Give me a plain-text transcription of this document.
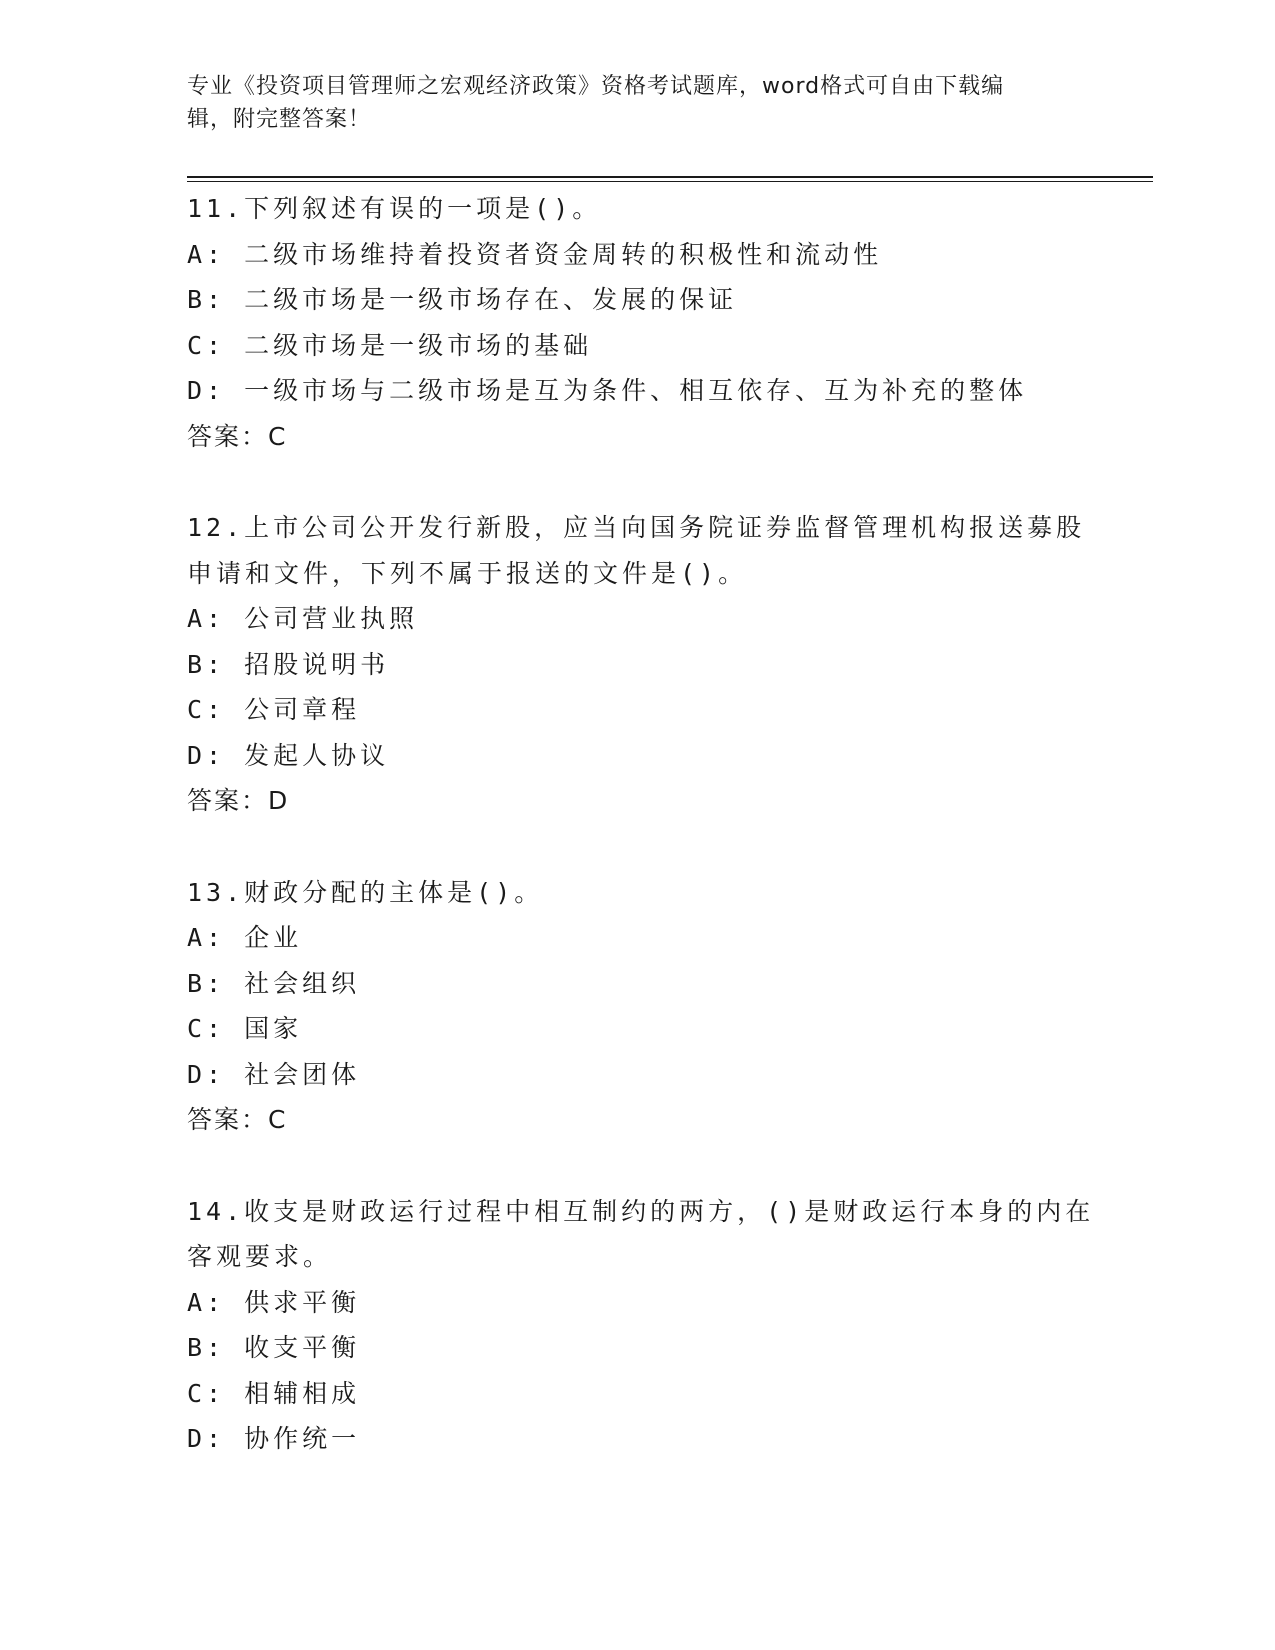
专业《投资项目管理师之宏观经济政策》资格考试题库，word格式可自由下载编
辑，附完整答案！
11.下列叙述有误的一项是()。
A: 二级市场维持着投资者资金周转的积极性和流动性
B: 二级市场是一级市场存在、发展的保证
C: 二级市场是一级市场的基础
D: 一级市场与二级市场是互为条件、相互依存、互为补充的整体
答案：C
12.上市公司公开发行新股，应当向国务院证券监督管理机构报送募股
申请和文件，下列不属于报送的文件是()。
A: 公司营业执照
B: 招股说明书
C: 公司章程
D: 发起人协议
答案：D
13.财政分配的主体是()。
A: 企业
B: 社会组织
C: 国家
D: 社会团体
答案：C
14.收支是财政运行过程中相互制约的两方，()是财政运行本身的内在
客观要求。
A: 供求平衡
B: 收支平衡
C: 相辅相成
D: 协作统一
